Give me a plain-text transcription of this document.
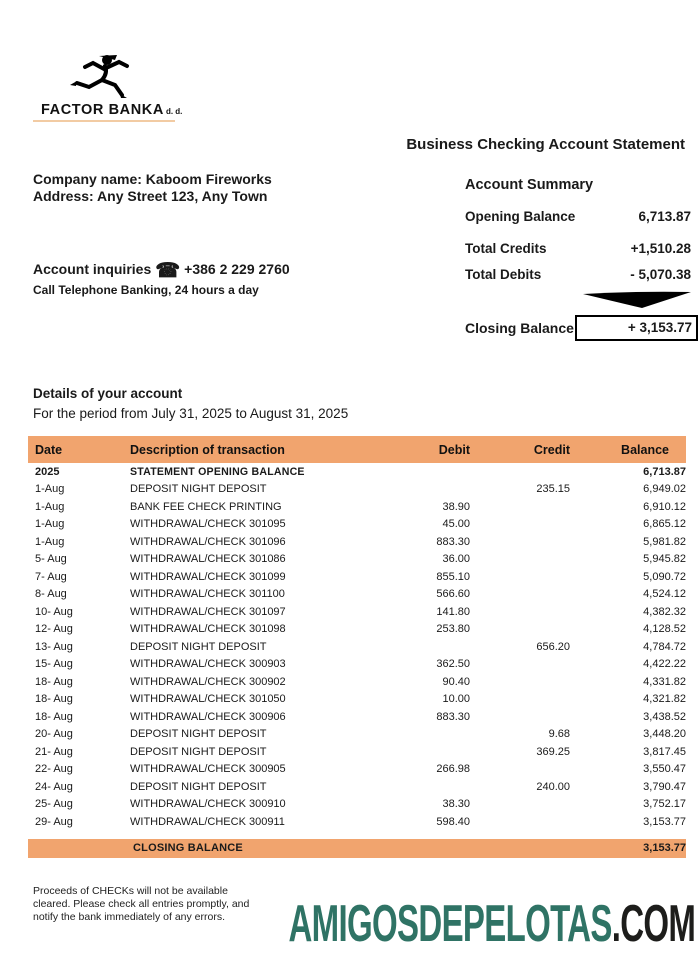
FACTOR BANKA d. d.
Business Checking Account Statement
Company name: Kaboom Fireworks
Address: Any Street 123, Any Town
Account inquiries ☎ +386 2 229 2760
Call Telephone Banking, 24 hours a day
Account Summary
Opening Balance	6,713.87
Total Credits	+1,510.28
Total Debits	- 5,070.38
Closing Balance	+ 3,153.77
Details of your account
For the period from July 31, 2025 to August 31, 2025
Date	Description of transaction	Debit	Credit	Balance
2025	STATEMENT OPENING BALANCE			6,713.87
1-Aug	DEPOSIT NIGHT DEPOSIT		235.15	6,949.02
1-Aug	BANK FEE CHECK PRINTING	38.90		6,910.12
1-Aug	WITHDRAWAL/CHECK 301095	45.00		6,865.12
1-Aug	WITHDRAWAL/CHECK 301096	883.30		5,981.82
5- Aug	WITHDRAWAL/CHECK 301086	36.00		5,945.82
7- Aug	WITHDRAWAL/CHECK 301099	855.10		5,090.72
8- Aug	WITHDRAWAL/CHECK 301100	566.60		4,524.12
10- Aug	WITHDRAWAL/CHECK 301097	141.80		4,382.32
12- Aug	WITHDRAWAL/CHECK 301098	253.80		4,128.52
13- Aug	DEPOSIT NIGHT DEPOSIT		656.20	4,784.72
15- Aug	WITHDRAWAL/CHECK 300903	362.50		4,422.22
18- Aug	WITHDRAWAL/CHECK 300902	90.40		4,331.82
18- Aug	WITHDRAWAL/CHECK 301050	10.00		4,321.82
18- Aug	WITHDRAWAL/CHECK 300906	883.30		3,438.52
20- Aug	DEPOSIT NIGHT DEPOSIT		9.68	3,448.20
21- Aug	DEPOSIT NIGHT DEPOSIT		369.25	3,817.45
22- Aug	WITHDRAWAL/CHECK 300905	266.98		3,550.47
24- Aug	DEPOSIT NIGHT DEPOSIT		240.00	3,790.47
25- Aug	WITHDRAWAL/CHECK 300910	38.30		3,752.17
29- Aug	WITHDRAWAL/CHECK 300911	598.40		3,153.77
CLOSING BALANCE	3,153.77
Proceeds of CHECKs will not be available
cleared. Please check all entries promptly, and
notify the bank immediately of any errors.	AMIGOSDEPELOTAS.COM
